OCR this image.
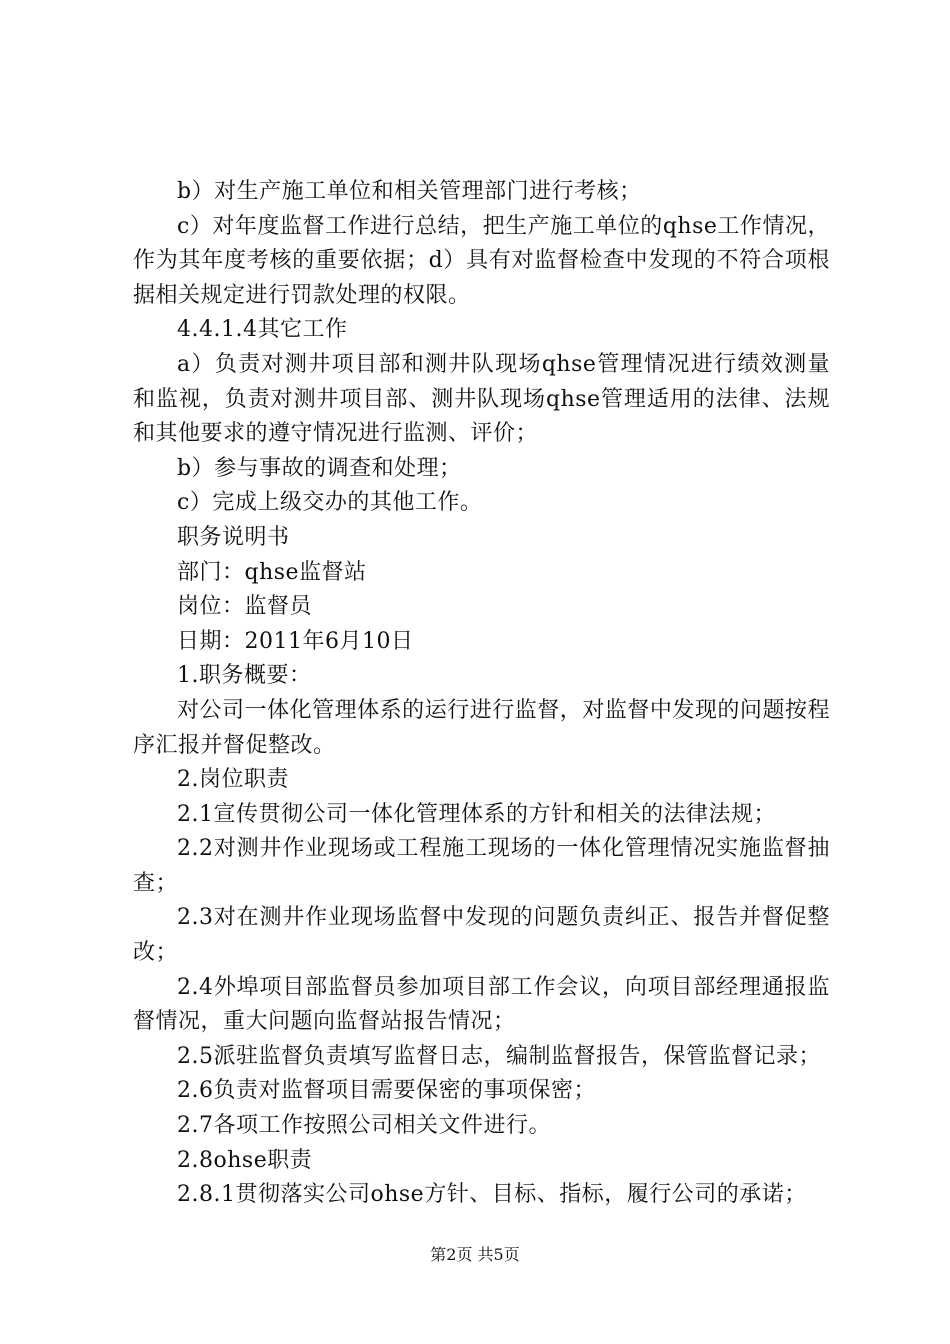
b）对生产施工单位和相关管理部门进行考核；

c）对年度监督工作进行总结，把生产施工单位的qhse工作情况，作为其年度考核的重要依据；d）具有对监督检查中发现的不符合项根据相关规定进行罚款处理的权限。

4.4.1.4其它工作

a）负责对测井项目部和测井队现场qhse管理情况进行绩效测量和监视，负责对测井项目部、测井队现场qhse管理适用的法律、法规和其他要求的遵守情况进行监测、评价；

b）参与事故的调查和处理；

c）完成上级交办的其他工作。

职务说明书

部门：qhse监督站

岗位：监督员

日期：2011年6月10日

1.职务概要：

对公司一体化管理体系的运行进行监督，对监督中发现的问题按程序汇报并督促整改。

2.岗位职责

2.1宣传贯彻公司一体化管理体系的方针和相关的法律法规；

2.2对测井作业现场或工程施工现场的一体化管理情况实施监督抽查；

2.3对在测井作业现场监督中发现的问题负责纠正、报告并督促整改；

2.4外埠项目部监督员参加项目部工作会议，向项目部经理通报监督情况，重大问题向监督站报告情况；

2.5派驻监督负责填写监督日志，编制监督报告，保管监督记录；

2.6负责对监督项目需要保密的事项保密；

2.7各项工作按照公司相关文件进行。

2.8ohse职责

2.8.1贯彻落实公司ohse方针、目标、指标，履行公司的承诺；

第2页 共5页
